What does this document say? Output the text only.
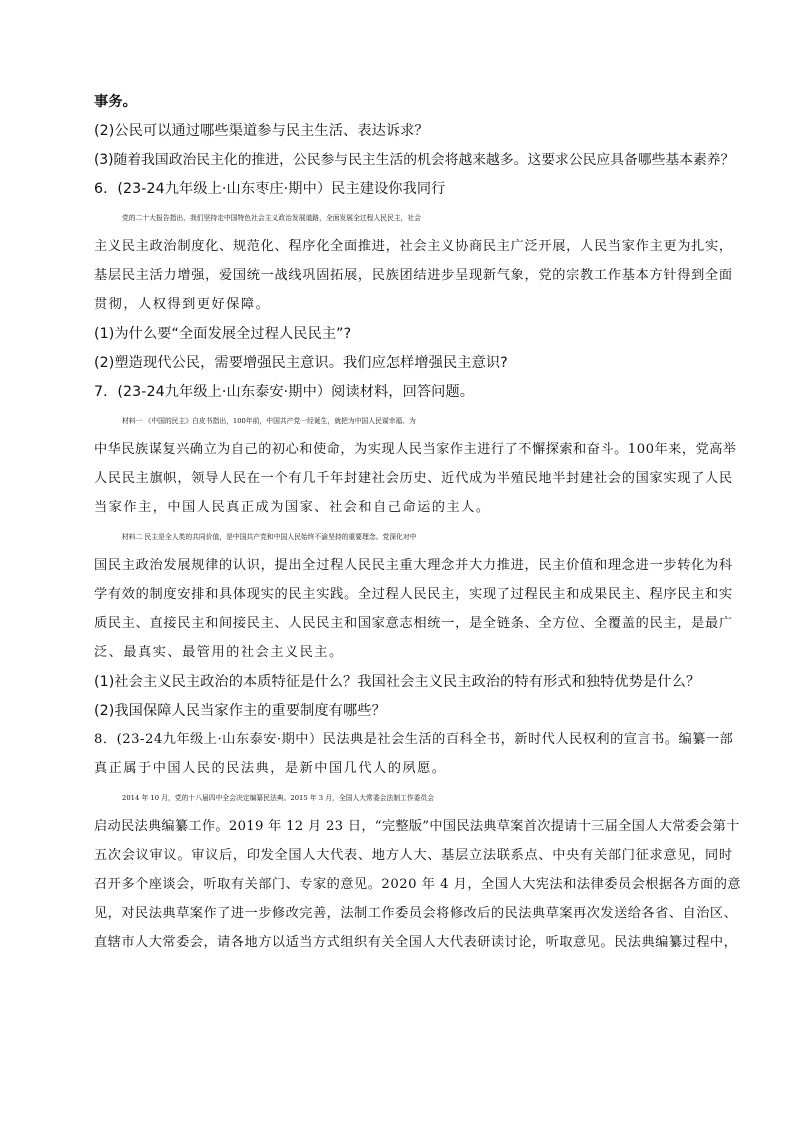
事务。
(2)公民可以通过哪些渠道参与民主生活、表达诉求？
(3)随着我国政治民主化的推进，公民参与民主生活的机会将越来越多。这要求公民应具备哪些基本素养？
6．(23-24九年级上·山东枣庄·期中）民主建设你我同行
党的二十大报告指出，我们坚持走中国特色社会主义政治发展道路，全面发展全过程人民民主，社会
主义民主政治制度化、规范化、程序化全面推进，社会主义协商民主广泛开展，人民当家作主更为扎实，
基层民主活力增强，爱国统一战线巩固拓展，民族团结进步呈现新气象，党的宗教工作基本方针得到全面
贯彻，人权得到更好保障。
(1)为什么要“全面发展全过程人民民主”?
(2)塑造现代公民，需要增强民主意识。我们应怎样增强民主意识?
7．(23-24九年级上·山东泰安·期中）阅读材料，回答问题。
材料一 《中国的民主》白皮书指出，100年前，中国共产党一经诞生，就把为中国人民谋幸福、为
中华民族谋复兴确立为自己的初心和使命，为实现人民当家作主进行了不懈探索和奋斗。100年来，党高举
人民民主旗帜，领导人民在一个有几千年封建社会历史、近代成为半殖民地半封建社会的国家实现了人民
当家作主，中国人民真正成为国家、社会和自己命运的主人。
材料二 民主是全人类的共同价值，是中国共产党和中国人民始终不渝坚持的重要理念。党深化对中
国民主政治发展规律的认识，提出全过程人民民主重大理念并大力推进，民主价值和理念进一步转化为科
学有效的制度安排和具体现实的民主实践。全过程人民民主，实现了过程民主和成果民主、程序民主和实
质民主、直接民主和间接民主、人民民主和国家意志相统一，是全链条、全方位、全覆盖的民主，是最广
泛、最真实、最管用的社会主义民主。
(1)社会主义民主政治的本质特征是什么？我国社会主义民主政治的特有形式和独特优势是什么？
(2)我国保障人民当家作主的重要制度有哪些？
8．(23-24九年级上·山东泰安·期中）民法典是社会生活的百科全书，新时代人民权利的宣言书。编纂一部
真正属于中国人民的民法典，是新中国几代人的夙愿。
2014 年 10 月，党的十八届四中全会决定编纂民法典。2015 年 3 月，全国人大常委会法制工作委员会
启动民法典编纂工作。2019 年 12 月 23 日，“完整版”中国民法典草案首次提请十三届全国人大常委会第十
五次会议审议。审议后，印发全国人大代表、地方人大、基层立法联系点、中央有关部门征求意见，同时
召开多个座谈会，听取有关部门、专家的意见。2020 年 4 月，全国人大宪法和法律委员会根据各方面的意
见，对民法典草案作了进一步修改完善，法制工作委员会将修改后的民法典草案再次发送给各省、自治区、
直辖市人大常委会，请各地方以适当方式组织有关全国人大代表研读讨论，听取意见。民法典编纂过程中，
